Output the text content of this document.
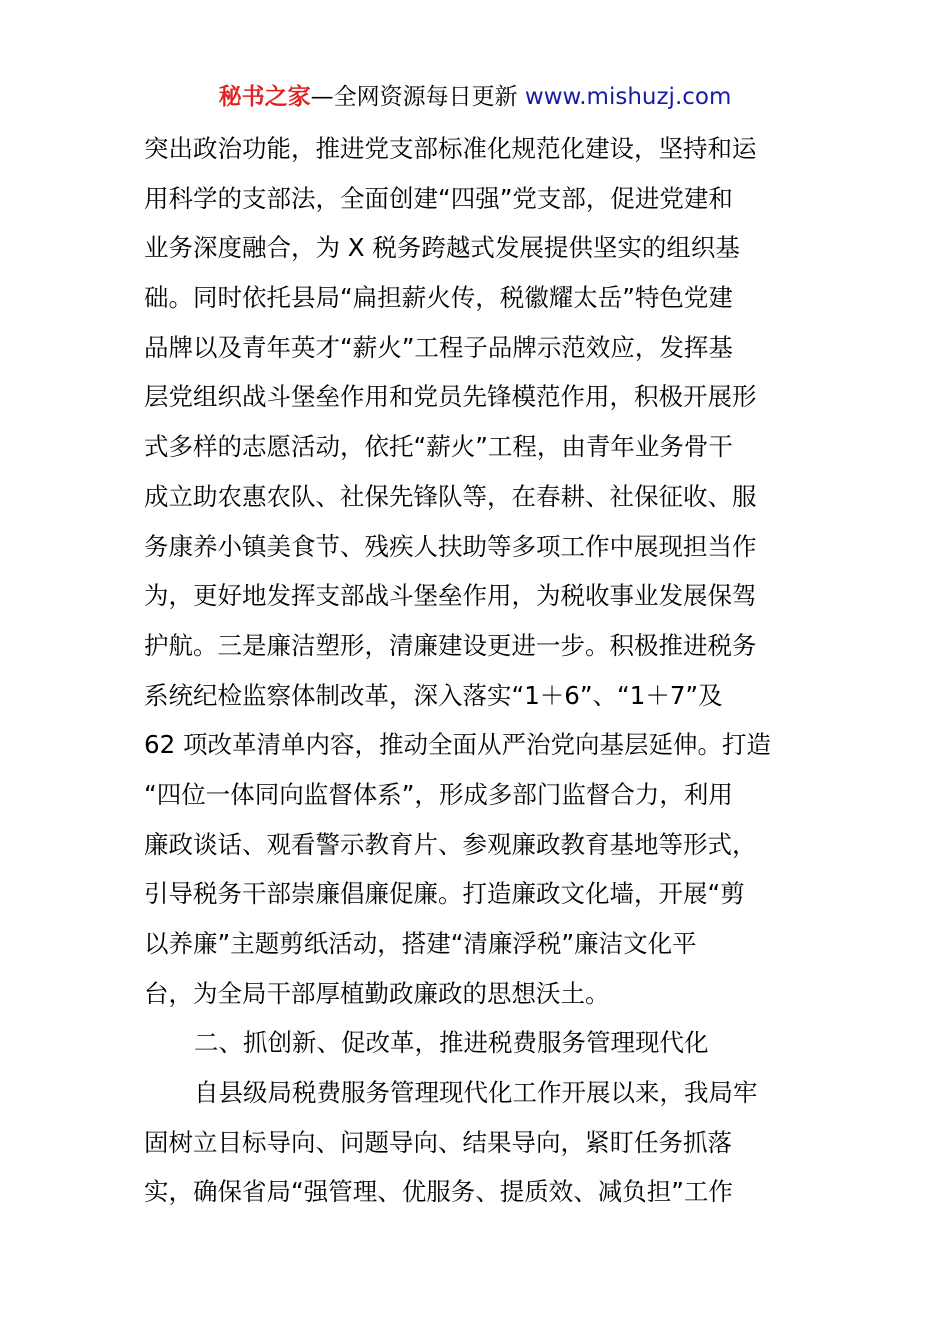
秘书之家—全网资源每日更新 www.mishuzj.com
突出政治功能，推进党支部标准化规范化建设，坚持和运
用科学的支部法，全面创建“四强”党支部，促进党建和
业务深度融合，为 X 税务跨越式发展提供坚实的组织基
础。同时依托县局“扁担薪火传，税徽耀太岳”特色党建
品牌以及青年英才“薪火”工程子品牌示范效应，发挥基
层党组织战斗堡垒作用和党员先锋模范作用，积极开展形
式多样的志愿活动，依托“薪火”工程，由青年业务骨干
成立助农惠农队、社保先锋队等，在春耕、社保征收、服
务康养小镇美食节、残疾人扶助等多项工作中展现担当作
为，更好地发挥支部战斗堡垒作用，为税收事业发展保驾
护航。三是廉洁塑形，清廉建设更进一步。积极推进税务
系统纪检监察体制改革，深入落实“1＋6”、“1＋7”及
62 项改革清单内容，推动全面从严治党向基层延伸。打造
“四位一体同向监督体系”，形成多部门监督合力，利用
廉政谈话、观看警示教育片、参观廉政教育基地等形式，
引导税务干部崇廉倡廉促廉。打造廉政文化墙，开展“剪
以养廉”主题剪纸活动，搭建“清廉浮税”廉洁文化平
台，为全局干部厚植勤政廉政的思想沃土。
二、抓创新、促改革，推进税费服务管理现代化
自县级局税费服务管理现代化工作开展以来，我局牢
固树立目标导向、问题导向、结果导向，紧盯任务抓落
实，确保省局“强管理、优服务、提质效、减负担”工作
